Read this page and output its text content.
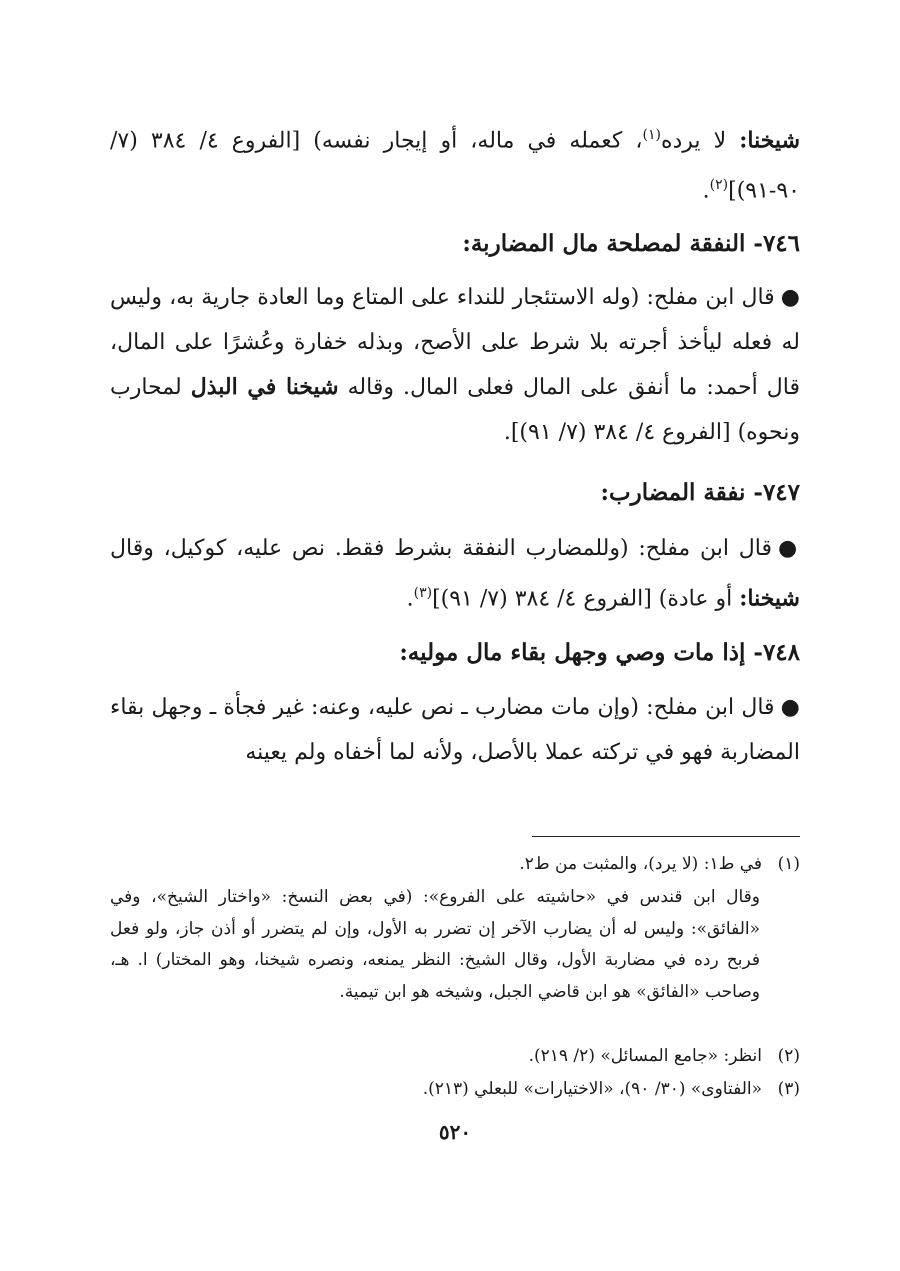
شيخنا: لا يرده$^{(١)}$، كعمله في ماله، أو إيجار نفسه) [الفروع ٤/ ٣٨٤ (٧/ ٩٠-٩١)]$^{(٢)}$.

٧٤٦- النفقة لمصلحة مال المضاربة:

●قال ابن مفلح: (وله الاستئجار للنداء على المتاع وما العادة جارية به، وليس له فعله ليأخذ أجرته بلا شرط على الأصح، وبذله خفارة وعُشرًا على المال، قال أحمد: ما أنفق على المال فعلى المال. وقاله شيخنا في البذل لمحارب ونحوه) [الفروع ٤/ ٣٨٤ (٧/ ٩١)].

٧٤٧- نفقة المضارب:

●قال ابن مفلح: (وللمضارب النفقة بشرط فقط. نص عليه، كوكيل، وقال شيخنا: أو عادة) [الفروع ٤/ ٣٨٤ (٧/ ٩١)]$^{(٣)}$.

٧٤٨- إذا مات وصي وجهل بقاء مال موليه:

●قال ابن مفلح: (وإن مات مضارب ـ نص عليه، وعنه: غير فجأة ـ وجهل بقاء المضاربة فهو في تركته عملا بالأصل، ولأنه لما أخفاه ولم يعينه

(١)في ط١: (لا يرد)، والمثبت من ط٢.

وقال ابن قندس في «حاشيته على الفروع»: (في بعض النسخ: «واختار الشيخ»، وفي «الفائق»: وليس له أن يضارب الآخر إن تضرر به الأول، وإن لم يتضرر أو أذن جاز، ولو فعل فربح رده في مضاربة الأول، وقال الشيخ: النظر يمنعه، ونصره شيخنا، وهو المختار) ا. هـ، وصاحب «الفائق» هو ابن قاضي الجبل، وشيخه هو ابن تيمية.

(٢)انظر: «جامع المسائل» (٢/ ٢١٩).

(٣)«الفتاوى» (٣٠/ ٩٠)، «الاختيارات» للبعلي (٢١٣).

٥٢٠
